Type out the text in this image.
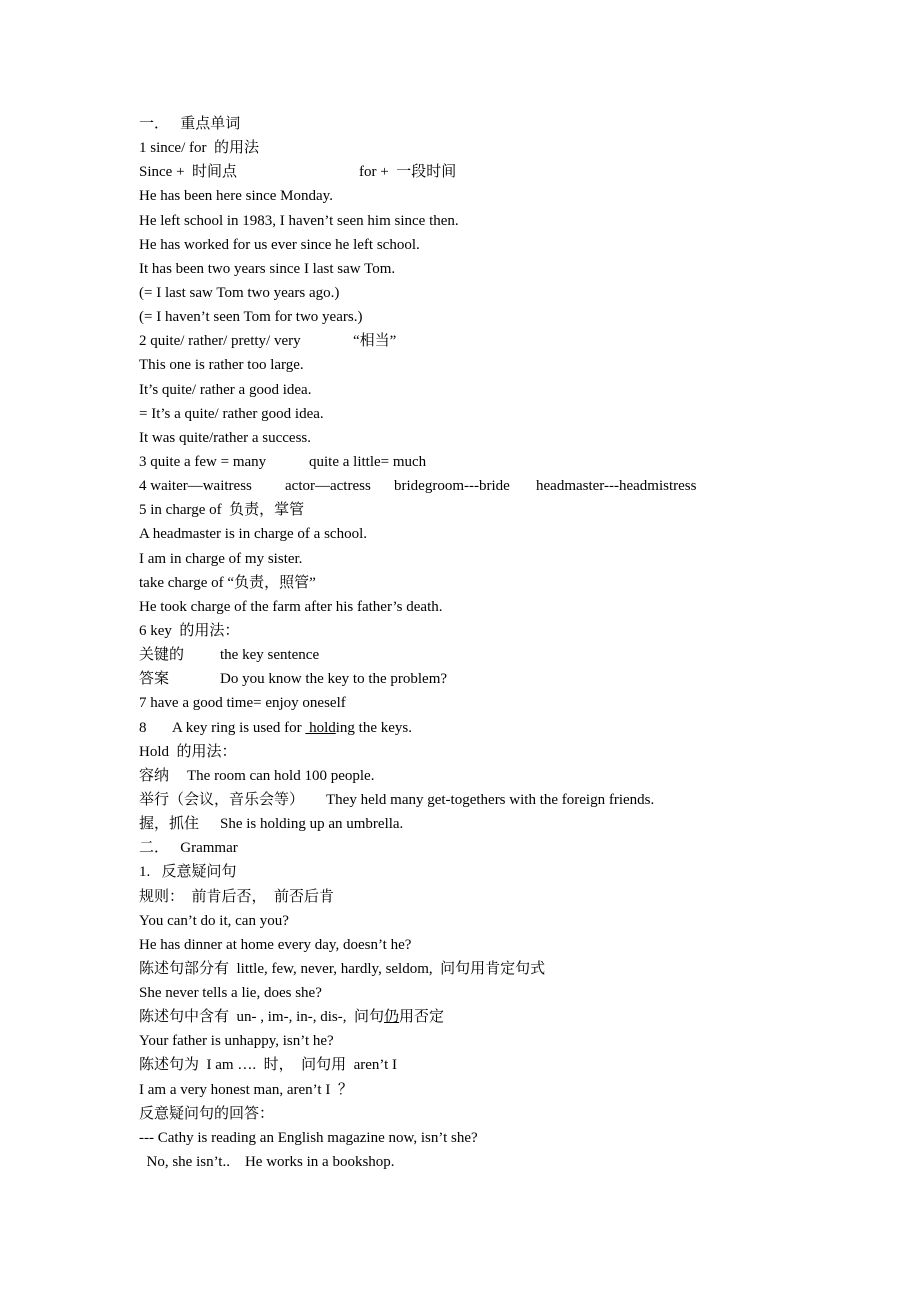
一．   重点单词
1 since/ for  的用法
Since +  时间点	for +  一段时间
He has been here since Monday.
He left school in 1983, I haven’t seen him since then.
He has worked for us ever since he left school.
It has been two years since I last saw Tom.
(= I last saw Tom two years ago.)
(= I haven’t seen Tom for two years.)
2 quite/ rather/ pretty/ very	“相当”
This one is rather too large.
It’s quite/ rather a good idea.
= It’s a quite/ rather good idea.
It was quite/rather a success.
3 quite a few = many	quite a little= much
4 waiter—waitress actor—actress bridegroom---bride headmaster---headmistress
5 in charge of  负责，掌管
A headmaster is in charge of a school.
I am in charge of my sister.
take charge of “负责，照管”
He took charge of the farm after his father’s death.
6 key  的用法：
关键的 the key sentence
答案	Do you know the key to the problem?
7 have a good time= enjoy oneself
8 A key ring is used for  holding the keys.
Hold  的用法：
容纳 The room can hold 100 people.
举行（会议，音乐会等） They held many get-togethers with the foreign friends.
握，抓住 She is holding up an umbrella.
二．   Grammar
1.   反意疑问句
规则：  前肯后否，  前否后肯
You can’t do it, can you?
He has dinner at home every day, doesn’t he?
陈述句部分有  little, few, never, hardly, seldom,  问句用肯定句式
She never tells a lie, does she?
陈述句中含有  un- , im-, in-, dis-,  问句仍用否定
Your father is unhappy, isn’t he?
陈述句为  I am ….  时，  问句用  aren’t I
I am a very honest man, aren’t I  ？
反意疑问句的回答：
--- Cathy is reading an English magazine now, isn’t she?
No, she isn’t..    He works in a bookshop.
